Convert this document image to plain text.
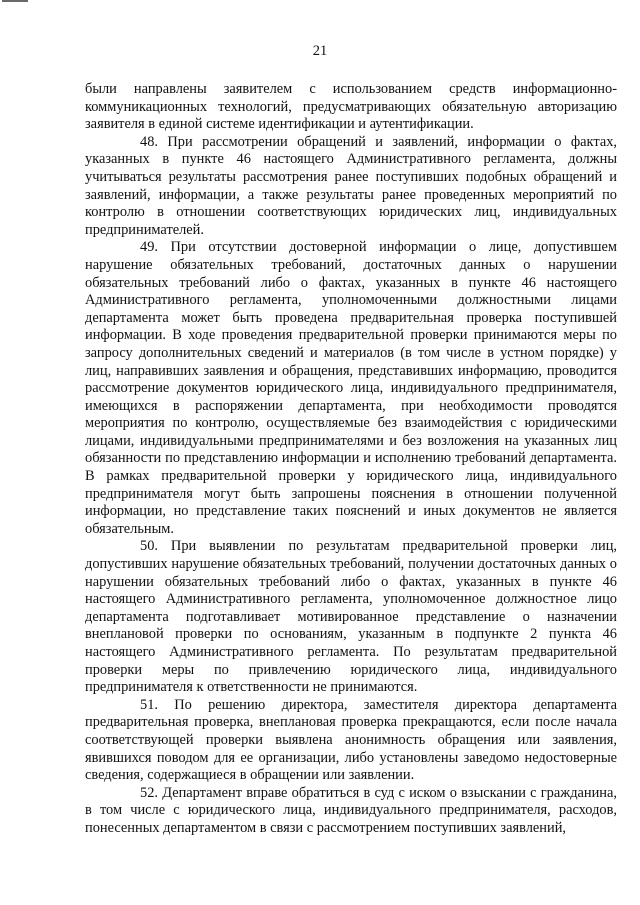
21

были направлены заявителем с использованием средств информационно-коммуникационных технологий, предусматривающих обязательную авторизацию заявителя в единой системе идентификации и аутентификации.

48. При рассмотрении обращений и заявлений, информации о фактах, указанных в пункте 46 настоящего Административного регламента, должны учитываться результаты рассмотрения ранее поступивших подобных обращений и заявлений, информации, а также результаты ранее проведенных мероприятий по контролю в отношении соответствующих юридических лиц, индивидуальных предпринимателей.

49. При отсутствии достоверной информации о лице, допустившем нарушение обязательных требований, достаточных данных о нарушении обязательных требований либо о фактах, указанных в пункте 46 настоящего Административного регламента, уполномоченными должностными лицами департамента может быть проведена предварительная проверка поступившей информации. В ходе проведения предварительной проверки принимаются меры по запросу дополнительных сведений и материалов (в том числе в устном порядке) у лиц, направивших заявления и обращения, представивших информацию, проводится рассмотрение документов юридического лица, индивидуального предпринимателя, имеющихся в распоряжении департамента, при необходимости проводятся мероприятия по контролю, осуществляемые без взаимодействия с юридическими лицами, индивидуальными предпринимателями и без возложения на указанных лиц обязанности по представлению информации и исполнению требований департамента. В рамках предварительной проверки у юридического лица, индивидуального предпринимателя могут быть запрошены пояснения в отношении полученной информации, но представление таких пояснений и иных документов не является обязательным.

50. При выявлении по результатам предварительной проверки лиц, допустивших нарушение обязательных требований, получении достаточных данных о нарушении обязательных требований либо о фактах, указанных в пункте 46 настоящего Административного регламента, уполномоченное должностное лицо департамента подготавливает мотивированное представление о назначении внеплановой проверки по основаниям, указанным в подпункте 2 пункта 46 настоящего Административного регламента. По результатам предварительной проверки меры по привлечению юридического лица, индивидуального предпринимателя к ответственности не принимаются.

51. По решению директора, заместителя директора департамента предварительная проверка, внеплановая проверка прекращаются, если после начала соответствующей проверки выявлена анонимность обращения или заявления, явившихся поводом для ее организации, либо установлены заведомо недостоверные сведения, содержащиеся в обращении или заявлении.

52. Департамент вправе обратиться в суд с иском о взыскании с гражданина, в том числе с юридического лица, индивидуального предпринимателя, расходов, понесенных департаментом в связи с рассмотрением поступивших заявлений,
